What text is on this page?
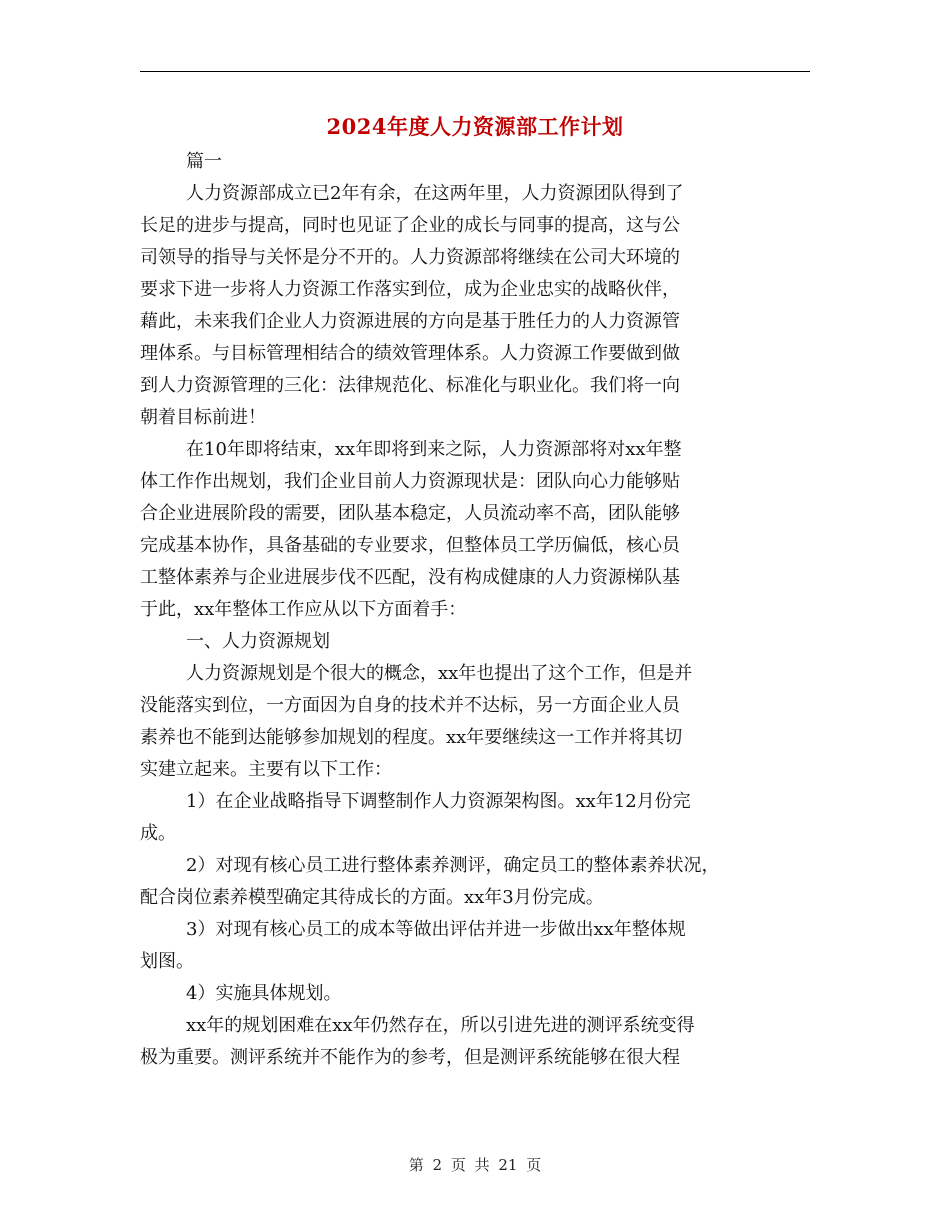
2024年度人力资源部工作计划
篇一
人力资源部成立已2年有余，在这两年里，人力资源团队得到了
长足的进步与提高，同时也见证了企业的成长与同事的提高，这与公
司领导的指导与关怀是分不开的。人力资源部将继续在公司大环境的
要求下进一步将人力资源工作落实到位，成为企业忠实的战略伙伴，
藉此，未来我们企业人力资源进展的方向是基于胜任力的人力资源管
理体系。与目标管理相结合的绩效管理体系。人力资源工作要做到做
到人力资源管理的三化：法律规范化、标准化与职业化。我们将一向
朝着目标前进！
在10年即将结束，xx年即将到来之际，人力资源部将对xx年整
体工作作出规划，我们企业目前人力资源现状是：团队向心力能够贴
合企业进展阶段的需要，团队基本稳定，人员流动率不高，团队能够
完成基本协作，具备基础的专业要求，但整体员工学历偏低，核心员
工整体素养与企业进展步伐不匹配，没有构成健康的人力资源梯队基
于此，xx年整体工作应从以下方面着手：
一、人力资源规划
人力资源规划是个很大的概念，xx年也提出了这个工作，但是并
没能落实到位，一方面因为自身的技术并不达标，另一方面企业人员
素养也不能到达能够参加规划的程度。xx年要继续这一工作并将其切
实建立起来。主要有以下工作：
1）在企业战略指导下调整制作人力资源架构图。xx年12月份完
成。
2）对现有核心员工进行整体素养测评，确定员工的整体素养状况，
配合岗位素养模型确定其待成长的方面。xx年3月份完成。
3）对现有核心员工的成本等做出评估并进一步做出xx年整体规
划图。
4）实施具体规划。
xx年的规划困难在xx年仍然存在，所以引进先进的测评系统变得
极为重要。测评系统并不能作为的参考，但是测评系统能够在很大程
第 2 页 共 21 页
